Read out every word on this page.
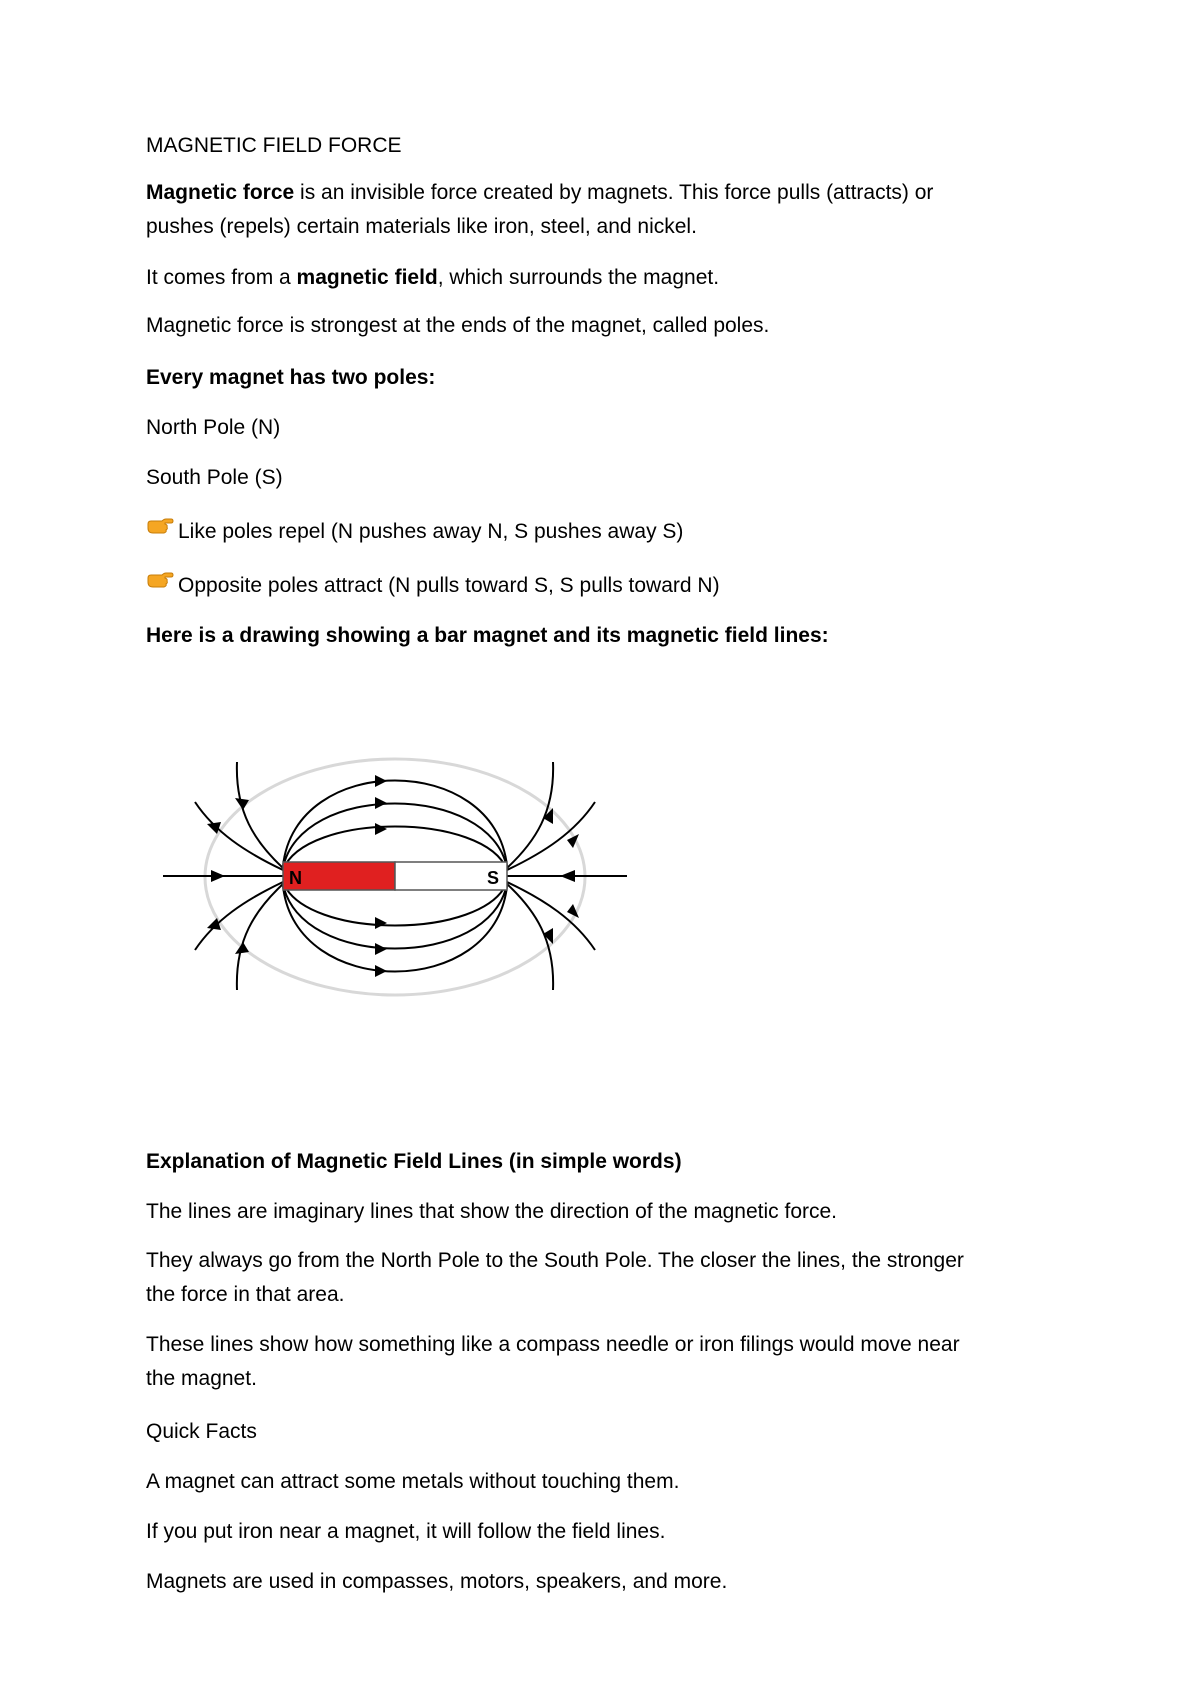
MAGNETIC FIELD FORCE

Magnetic force is an invisible force created by magnets. This force pulls (attracts) or
pushes (repels) certain materials like iron, steel, and nickel.

It comes from a magnetic field, which surrounds the magnet.

Magnetic force is strongest at the ends of the magnet, called poles.

Every magnet has two poles:

North Pole (N)

South Pole (S)

Like poles repel (N pushes away N, S pushes away S)

Opposite poles attract (N pulls toward S, S pulls toward N)

Here is a drawing showing a bar magnet and its magnetic field lines:

Explanation of Magnetic Field Lines (in simple words)

The lines are imaginary lines that show the direction of the magnetic force.

They always go from the North Pole to the South Pole. The closer the lines, the stronger
the force in that area.

These lines show how something like a compass needle or iron filings would move near
the magnet.

Quick Facts

A magnet can attract some metals without touching them.

If you put iron near a magnet, it will follow the field lines.

Magnets are used in compasses, motors, speakers, and more.

N	S
